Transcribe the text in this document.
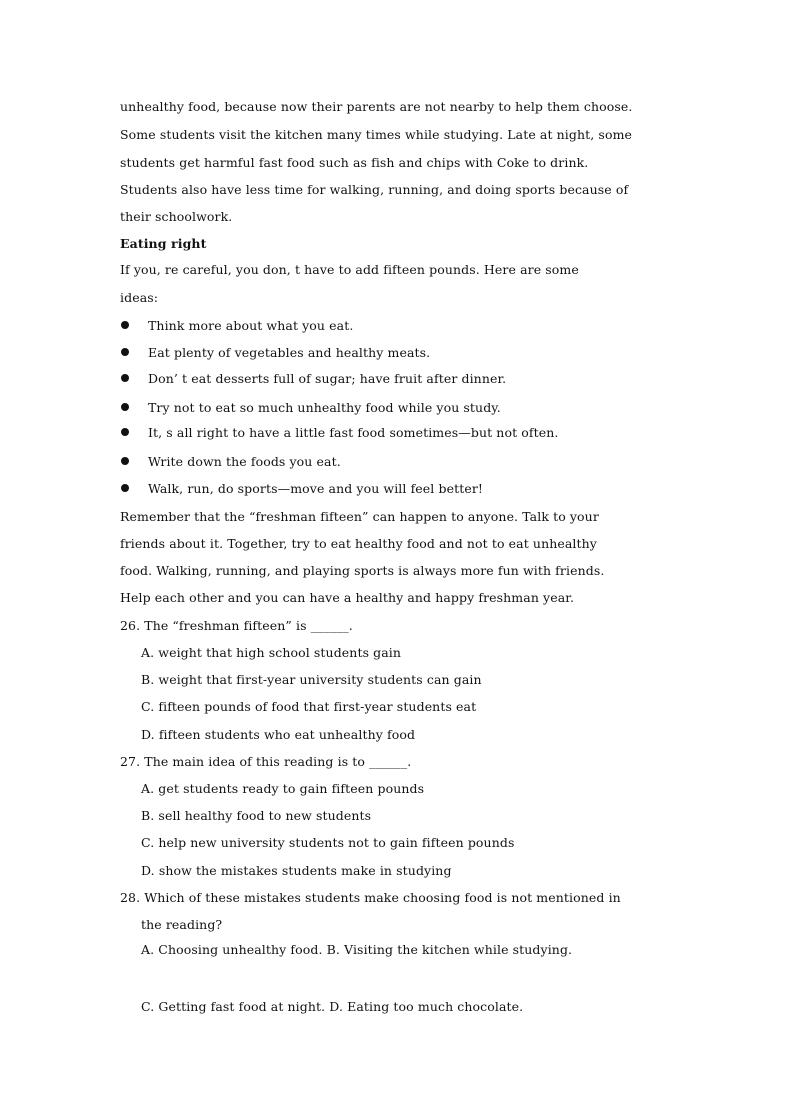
unhealthy food, because now their parents are not nearby to help them choose.
Some students visit the kitchen many times while studying. Late at night, some
students get harmful fast food such as fish and chips with Coke to drink.
Students also have less time for walking, running, and doing sports because of
their schoolwork.
Eating right
If you, re careful, you don, t have to add fifteen pounds. Here are some
ideas:
Think more about what you eat.
Eat plenty of vegetables and healthy meats.
Don’ t eat desserts full of sugar; have fruit after dinner.
Try not to eat so much unhealthy food while you study.
It, s all right to have a little fast food sometimes—but not often.
Write down the foods you eat.
Walk, run, do sports—move and you will feel better!
Remember that the “freshman fifteen” can happen to anyone. Talk to your
friends about it. Together, try to eat healthy food and not to eat unhealthy
food. Walking, running, and playing sports is always more fun with friends.
Help each other and you can have a healthy and happy freshman year.
26. The “freshman fifteen” is ______.
A. weight that high school students gain
B. weight that first-year university students can gain
C. fifteen pounds of food that first-year students eat
D. fifteen students who eat unhealthy food
27. The main idea of this reading is to ______.
A. get students ready to gain fifteen pounds
B. sell healthy food to new students
C. help new university students not to gain fifteen pounds
D. show the mistakes students make in studying
28. Which of these mistakes students make choosing food is not mentioned in
the reading?
A. Choosing unhealthy food. B. Visiting the kitchen while studying.
C. Getting fast food at night. D. Eating too much chocolate.
